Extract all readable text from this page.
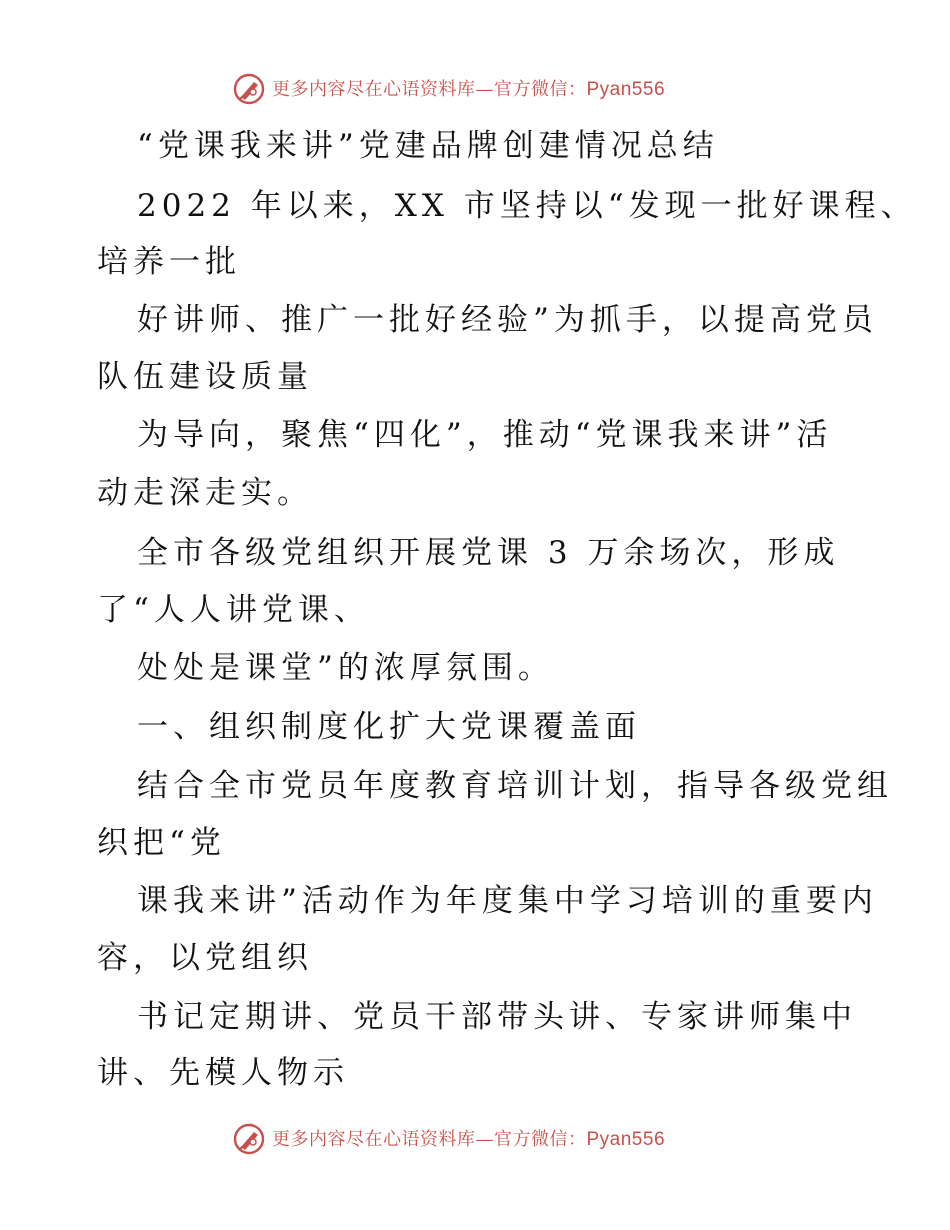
更多内容尽在心语资料库—官方微信：Pyan556
“党课我来讲”党建品牌创建情况总结
2022 年以来，XX 市坚持以“发现一批好课程、
培养一批
好讲师、推广一批好经验”为抓手，以提高党员
队伍建设质量
为导向，聚焦“四化”，推动“党课我来讲”活
动走深走实。
全市各级党组织开展党课 3 万余场次，形成
了“人人讲党课、
处处是课堂”的浓厚氛围。
一、组织制度化扩大党课覆盖面
结合全市党员年度教育培训计划，指导各级党组
织把“党
课我来讲”活动作为年度集中学习培训的重要内
容，以党组织
书记定期讲、党员干部带头讲、专家讲师集中
讲、先模人物示
更多内容尽在心语资料库—官方微信：Pyan556
